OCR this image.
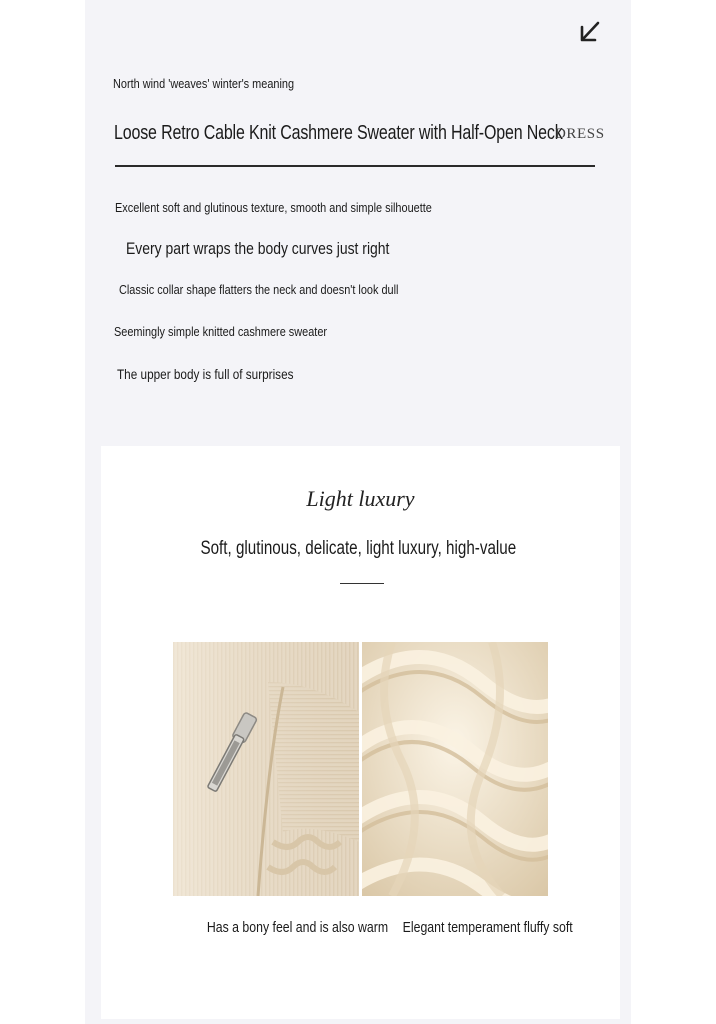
North wind 'weaves' winter's meaning
Loose Retro Cable Knit Cashmere Sweater with Half-Open Neck
DRESS
Excellent soft and glutinous texture, smooth and simple silhouette
Every part wraps the body curves just right
Classic collar shape flatters the neck and doesn't look dull
Seemingly simple knitted cashmere sweater
The upper body is full of surprises
Light luxury
Soft, glutinous, delicate, light luxury, high-value
Has a bony feel and is also warm Elegant temperament fluffy soft
